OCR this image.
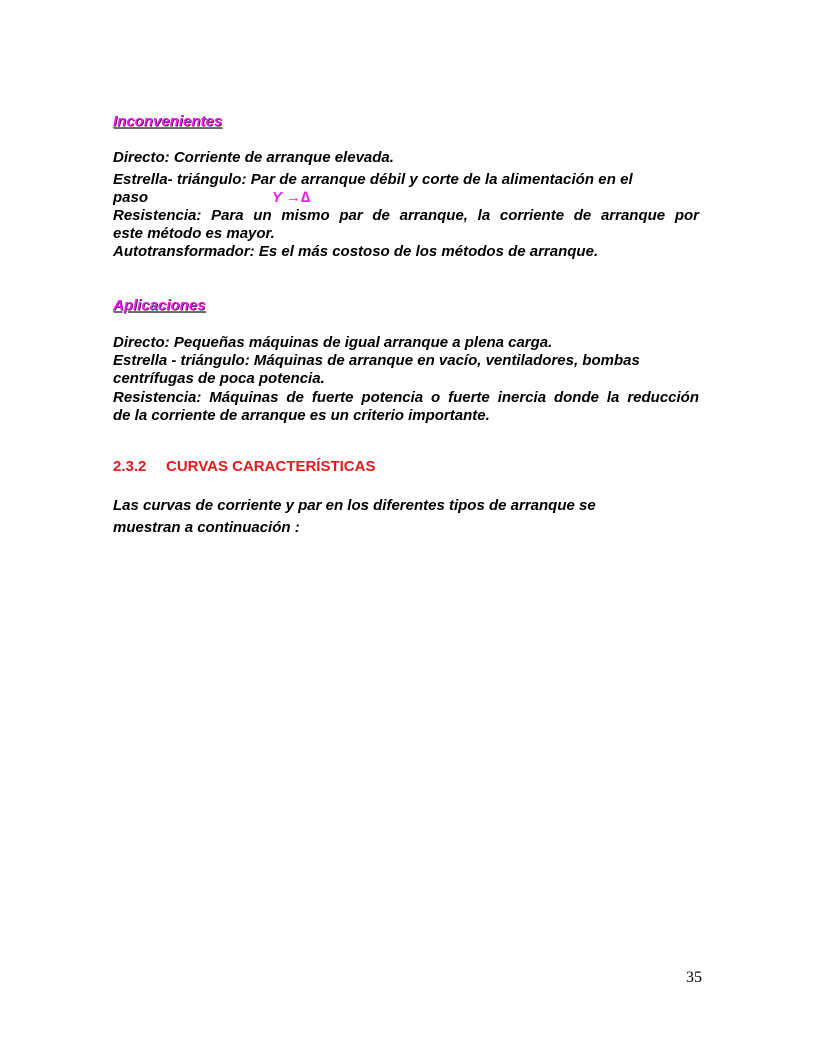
Inconvenientes
Directo: Corriente de arranque elevada.
Estrella- triángulo: Par de arranque débil y corte de la alimentación en el
paso	Y →∆
Resistencia: Para un mismo par de arranque, la corriente de arranque por
este método es mayor.
Autotransformador: Es el más costoso de los métodos de arranque.
Aplicaciones
Directo: Pequeñas máquinas de igual arranque a plena carga.
Estrella - triángulo: Máquinas de arranque en vacío, ventiladores, bombas
centrífugas de poca potencia.
Resistencia: Máquinas de fuerte potencia o fuerte inercia donde la reducción
de la corriente de arranque es un criterio importante.
2.3.2 CURVAS CARACTERÍSTICAS
Las curvas de corriente y par en los diferentes tipos de arranque se
muestran a continuación :
35
